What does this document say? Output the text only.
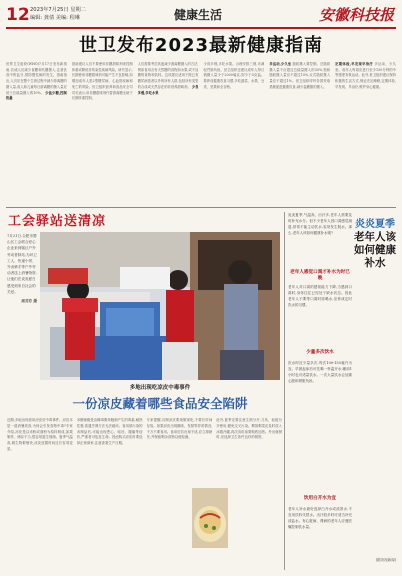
12 2023年7月25日 星期二
编辑: 龚倩 美编: 程琳	健康生活	安徽科技报
世卫发布2023最新健康指南
世界卫生组织(WHO)7月17日发布新指南,告诫人们减少食糖和代糖摄入,注意饮食中的盐分,预防慢性病的发生。指南指出,人们应在整个生命过程中减少游离糖的摄入量,成人和儿童每日游离糖的摄入量应低于总能量摄入的10%。 少盐少糖,控制热量
指南建议人们不要使用非糖甜味剂来控制体重或降低非传染性疾病风险。研究显示,长期使用非糖甜味剂可能产生不良影响,如增加成年人患2型糖尿病、心血管疾病和死亡的风险。世卫组织营养和食品安全司司长表示,用非糖甜味剂代替游离糖无助于长期体重控制。
人们需要考虑其他减少游离糖摄入的方法,例如食用含有天然糖的食物如水果,或不加糖的食物和饮料。这项建议适用于除已有糖尿病患者以外的所有人群,包括所有类型的合成或天然存在的非营养甜味剂。 少食多餐,多吃水果
少食多餐,多吃水果。合理安排三餐,可减轻胃肠负担。世卫组织还建议成年人每日钠摄入量少于2000毫克,即少于5克盐。要养成健康饮食习惯,多吃蔬菜、水果、豆类、坚果和全谷物。
多运动,少久坐 脂肪摄入要控制。总脂肪摄入量不应超过总能量摄入的30%,饱和脂肪摄入量应不超过10%,反式脂肪摄入量应不超过1%。世卫组织呼吁各国采取措施促进健康饮食,减少盐糖脂的摄入。
定期体检,早发现早治疗 多运动、少久坐。成年人每周应进行至少150分钟的中等强度有氧运动。此外,世卫组织建议保持积极的生活方式,保证充足睡眠,定期体检,早发现、早治疗,维护身心健康。
工会驿站送清凉
7月21日,合肥市蜀山区工会联合爱心企业来到辖区户外劳动者驿站,为环卫工人、快递小哥、外卖骑手等户外劳动者送上消暑物资,让他们在炎炎夏日感受到来自社会的关爱。
周芬芬 摄
炎炎夏季,气温高、出汗多,老年人需要及时补充水分。但不少老年人因口渴感觉减退,常常不能主动饮水,容易发生脱水。那么,老年人该如何健康补水呢?
炎炎夏季
老年人该如何健康补水
老年人感觉口渴才补水为时已晚
老年人对口渴的感知能力下降,当感到口渴时,身体往往已经处于缺水状态。因此老年人不要等口渴时再喝水,应养成定时饮水的习惯。
少量多次饮水
饮水时应少量多次,每次100-150毫升为宜。早晨起床后可先喝一杯温开水,睡前1小时也可适量饮水。一次大量饮水会加重心脏和肾脏负担。
饮用白开水为宜
老年人补水最好选择白开水或淡茶水,不宜用饮料代替水。出汗较多时可适当补充淡盐水。有心脏病、肾病的老年人应遵医嘱控制饮水量。
(据央视新闻)
多地出现吃凉皮中毒事件
一份凉皮藏着哪些食品安全陷阱
近期,多地出现食用凉皮后中毒事件。凉皮本是一道消暑美食,为何会引发食物中毒?专家介绍,凉皮是以米粉或面粉为原料制成,如果制作、储存不当,很容易滋生细菌。夏季气温高,微生物繁殖快,凉皮放置时间过长容易变质。
米酵菌酸是由椰毒假单胞菌产生的毒素,耐热性强,普通烹调方法无法破坏。食用被污染的米制品后,可能出现恶心、呕吐、腹痛等症状,严重者可危及生命。因此购买凉皮时要选择正规商家,注意查看生产日期。
专家提醒,自制凉皮要现做现吃,不要长时间存放。如果凉皮出现酸味、发黏等异常情况,千万不要食用。食用后若出现不适,应立即就医,并保留剩余食物以便检测。
此外,夏季还要注意生熟分开,刀具、砧板分开使用,避免交叉污染。剩饭剩菜应及时放入冰箱冷藏,再次食用前要彻底加热。外出就餐时,应选择卫生条件良好的餐馆。
